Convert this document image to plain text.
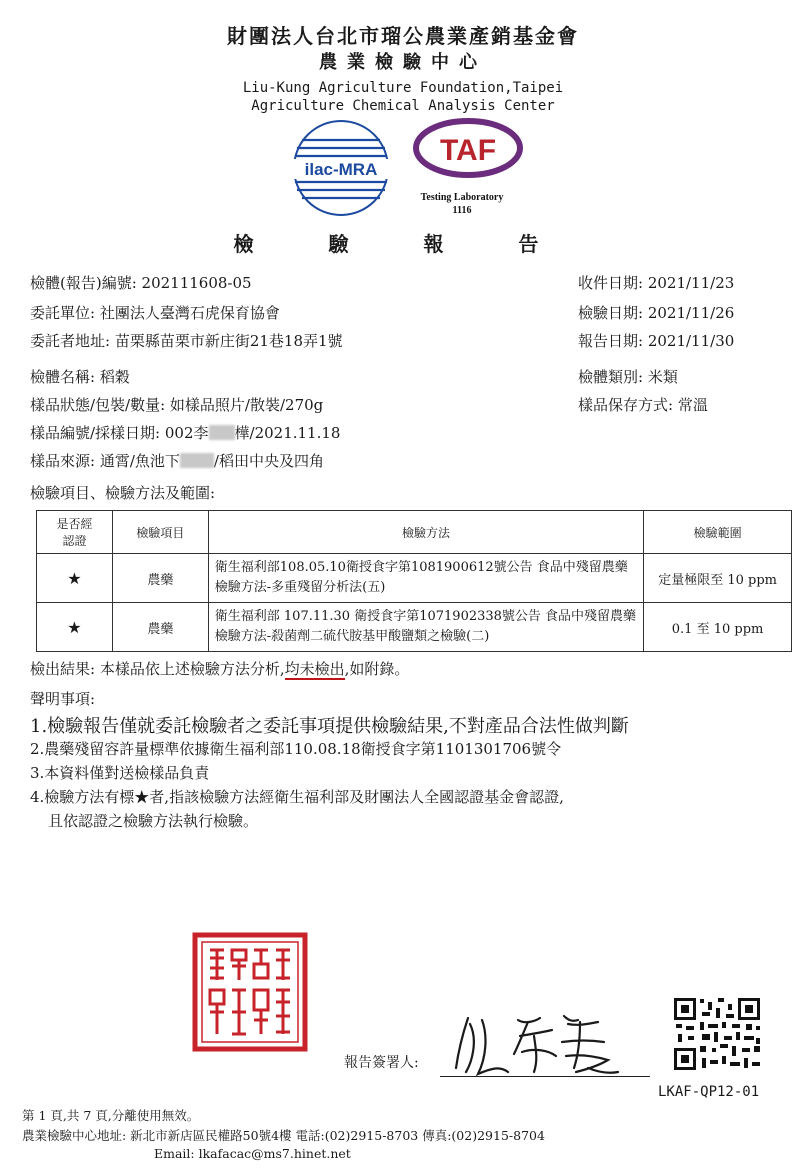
財團法人台北市瑠公農業產銷基金會
農業檢驗中心
Liu-Kung Agriculture Foundation,Taipei
Agriculture Chemical Analysis Center
ilac-MRA
TAF
Testing Laboratory
1116
檢 驗 報 告
檢體(報告)編號: 202111608-05
委託單位: 社團法人臺灣石虎保育協會
委託者地址: 苗栗縣苗栗市新庄街21巷18弄1號
收件日期: 2021/11/23
檢驗日期: 2021/11/26
報告日期: 2021/11/30
檢體名稱: 稻穀	檢體類別: 米類
樣品狀態/包裝/數量: 如樣品照片/散裝/270g	樣品保存方式: 常溫
樣品編號/採樣日期: 002李 樺/2021.11.18
樣品來源: 通霄/魚池下 /稻田中央及四角
檢驗項目、檢驗方法及範圍:
是否經
認證	檢驗項目	檢驗方法	檢驗範圍
★	農藥	衛生福利部108.05.10衛授食字第1081900612號公告 食品中殘留農藥檢驗方法-多重殘留分析法(五)	定量極限至 10 ppm
★	農藥	衛生福利部 107.11.30 衛授食字第1071902338號公告 食品中殘留農藥檢驗方法-殺菌劑二硫代胺基甲酸鹽類之檢驗(二)	0.1 至 10 ppm
檢出結果: 本樣品依上述檢驗方法分析,均未檢出,如附錄。
聲明事項:
1.檢驗報告僅就委託檢驗者之委託事項提供檢驗結果,不對產品合法性做判斷
2.農藥殘留容許量標準依據衛生福利部110.08.18衛授食字第1101301706號令
3.本資料僅對送檢樣品負責
4.檢驗方法有標★者,指該檢驗方法經衛生福利部及財團法人全國認證基金會認證,
且依認證之檢驗方法執行檢驗。
報告簽署人:
LKAF-QP12-01
第 1 頁,共 7 頁,分離使用無效。
農業檢驗中心地址: 新北市新店區民權路50號4樓 電話:(02)2915-8703 傳真:(02)2915-8704
Email: lkafacac@ms7.hinet.net
